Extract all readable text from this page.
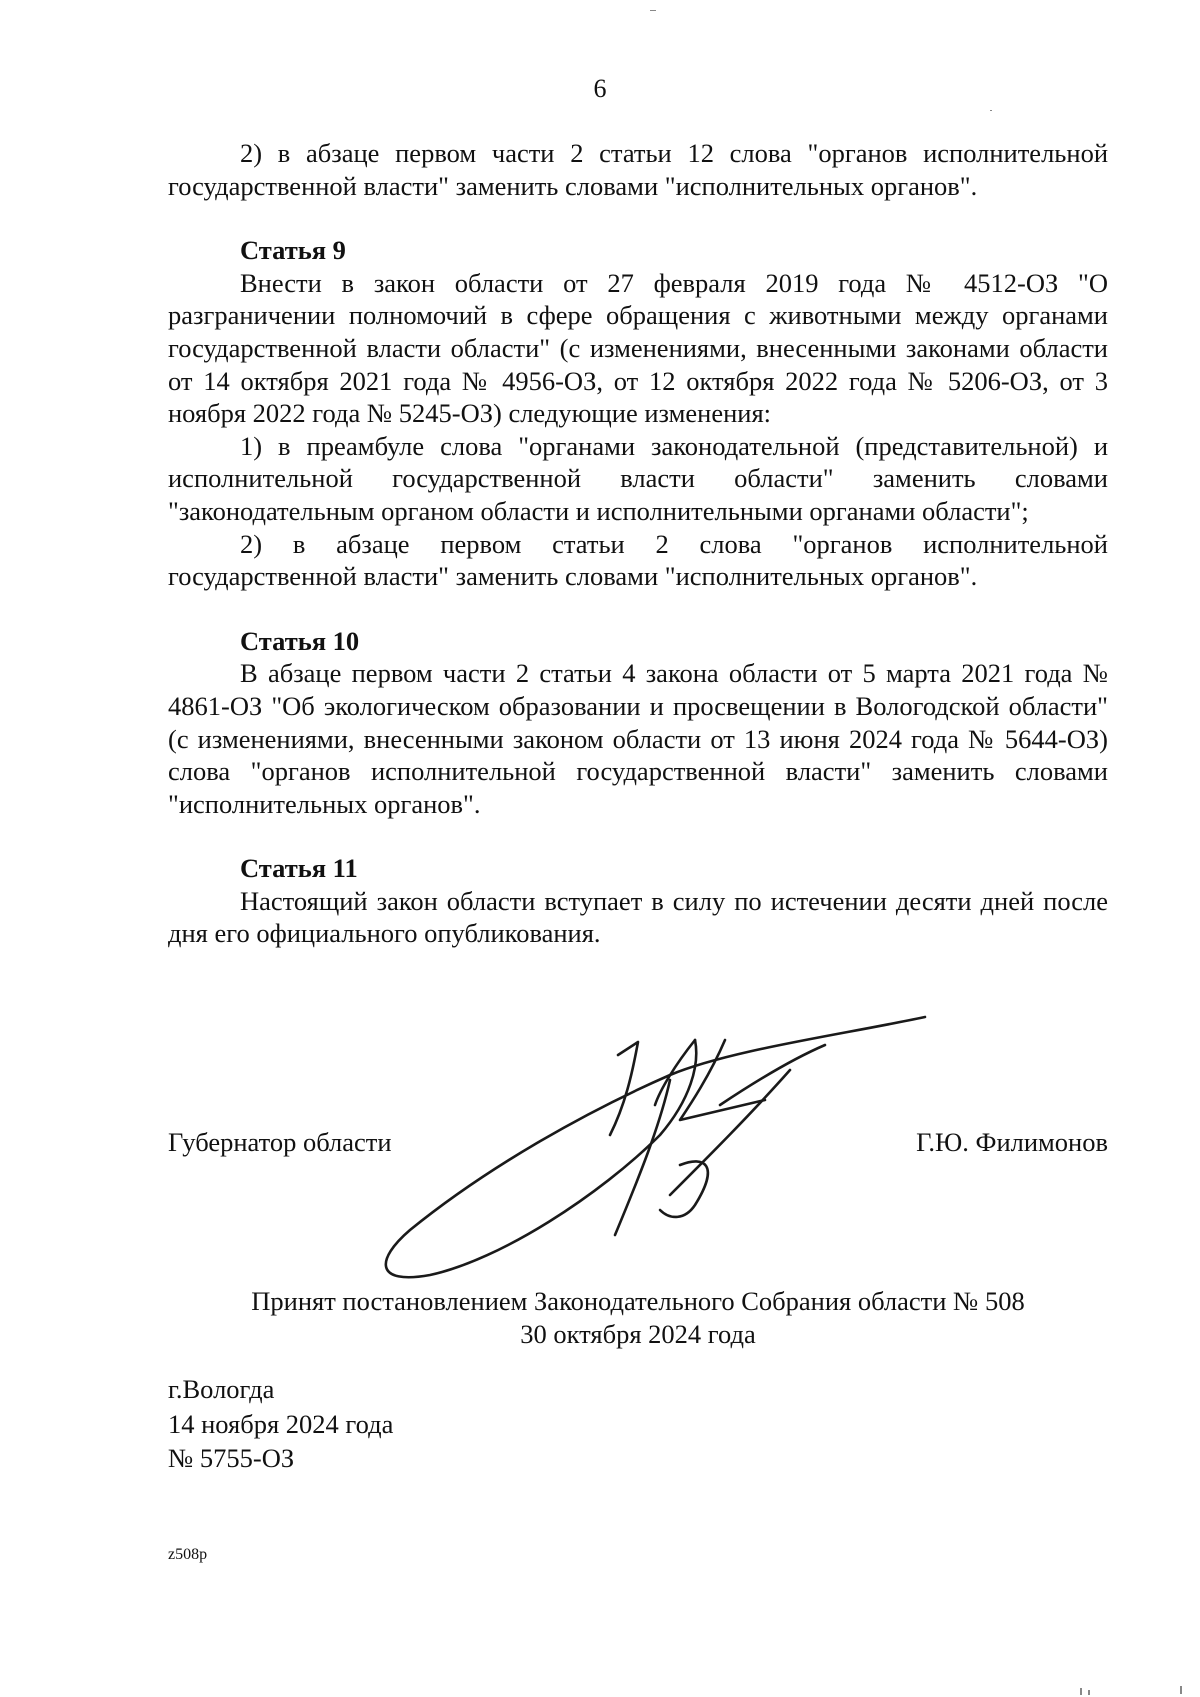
6

2) в абзаце первом части 2 статьи 12 слова "органов исполнительной государственной власти" заменить словами "исполнительных органов".

Статья 9

Внести в закон области от 27 февраля 2019 года № 4512-ОЗ "О разграничении полномочий в сфере обращения с животными между органами государственной власти области" (с изменениями, внесенными законами области от 14 октября 2021 года № 4956-ОЗ, от 12 октября 2022 года № 5206-ОЗ, от 3 ноября 2022 года № 5245-ОЗ) следующие изменения:

1) в преамбуле слова "органами законодательной (представительной) и исполнительной государственной власти области" заменить словами "законодательным органом области и исполнительными органами области";

2) в абзаце первом статьи 2 слова "органов исполнительной государственной власти" заменить словами "исполнительных органов".

Статья 10

В абзаце первом части 2 статьи 4 закона области от 5 марта 2021 года № 4861-ОЗ "Об экологическом образовании и просвещении в Вологодской области" (с изменениями, внесенными законом области от 13 июня 2024 года № 5644-ОЗ) слова "органов исполнительной государственной власти" заменить словами "исполнительных органов".

Статья 11

Настоящий закон области вступает в силу по истечении десяти дней после дня его официального опубликования.

Губернатор области	Г.Ю. Филимонов
Принят постановлением Законодательного Собрания области № 508
30 октября 2024 года
г.Вологда
14 ноября 2024 года
№ 5755-ОЗ
z508p
